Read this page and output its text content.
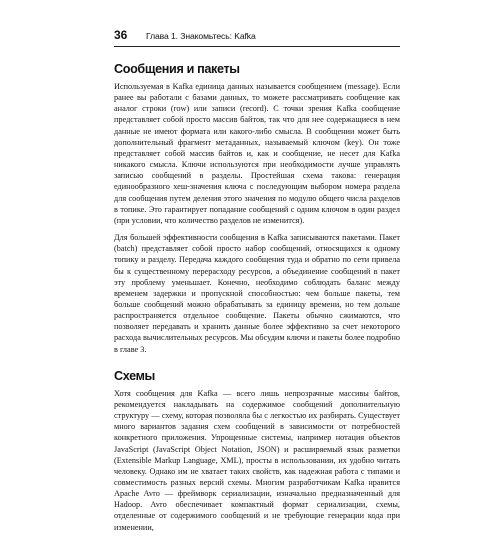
36	Глава 1. Знакомьтесь: Kafka
Сообщения и пакеты

Используемая в Kafka единица данных называется сообщением (message). Если ранее вы работали с базами данных, то можете рассматривать сообщение как аналог строки (row) или записи (record). С точки зрения Kafka сообщение представляет собой просто массив байтов, так что для нее содержащиеся в нем данные не имеют формата или какого-либо смысла. В сообщении может быть дополнительный фрагмент метаданных, называемый ключом (key). Он тоже представляет собой массив байтов и, как и сообщение, не несет для Kafka никакого смысла. Ключи используются при необходимости лучше управлять записью сообщений в разделы. Простейшая схема такова: генерация единообразного хеш-значения ключа с последующим выбором номера раздела для сообщения путем деления этого значения по модулю общего числа разделов в топике. Это гарантирует попадание сообщений с одним ключом в один раздел (при условии, что количество разделов не изменится).

Для большей эффективности сообщения в Kafka записываются пакетами. Пакет (batch) представляет собой просто набор сообщений, относящихся к одному топику и разделу. Передача каждого сообщения туда и обратно по сети привела бы к существенному перерасходу ресурсов, а объединение сообщений в пакет эту проблему уменьшает. Конечно, необходимо соблюдать баланс между временем задержки и пропускной способностью: чем больше пакеты, тем больше сообщений можно обрабатывать за единицу времени, но тем дольше распространяется отдельное сообщение. Пакеты обычно сжимаются, что позволяет передавать и хранить данные более эффективно за счет некоторого расхода вычислительных ресурсов. Мы обсудим ключи и пакеты более подробно в главе 3.

Схемы

Хотя сообщения для Kafka — всего лишь непрозрачные массивы байтов, рекомендуется накладывать на содержимое сообщений дополнительную структуру — схему, которая позволяла бы с легкостью их разбирать. Существует много вариантов задания схем сообщений в зависимости от потребностей конкретного приложения. Упрощенные системы, например нотация объектов JavaScript (JavaScript Object Notation, JSON) и расширяемый язык разметки (Extensible Markup Language, XML), просты в использовании, их удобно читать человеку. Однако им не хватает таких свойств, как надежная работа с типами и совместимость разных версий схемы. Многим разработчикам Kafka нравится Apache Avro — фреймворк сериализации, изначально предназначенный для Hadoop. Avro обеспечивает компактный формат сериализации, схемы, отделенные от содержимого сообщений и не требующие генерации кода при изменении,
